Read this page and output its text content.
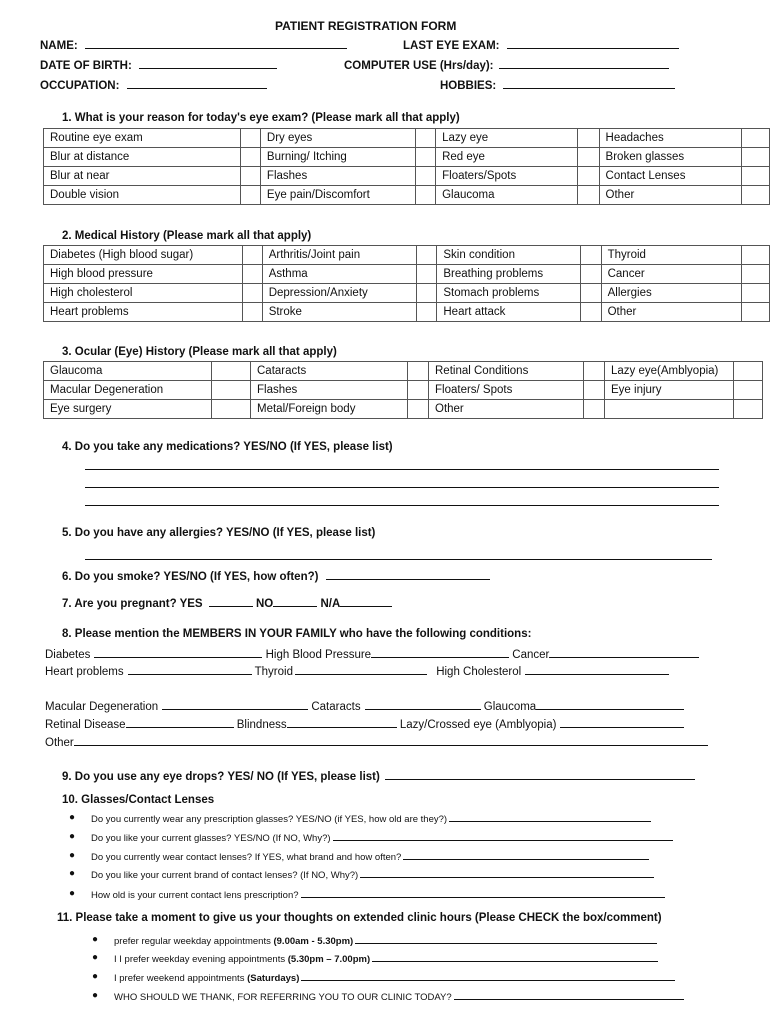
PATIENT REGISTRATION FORM
NAME:	LAST EYE EXAM:
DATE OF BIRTH:	COMPUTER USE (Hrs/day):
OCCUPATION:	HOBBIES:
1. What is your reason for today's eye exam? (Please mark all that apply)
Routine eye exam		Dry eyes		Lazy eye		Headaches	
Blur at distance		Burning/ Itching		Red eye		Broken glasses	
Blur at near		Flashes		Floaters/Spots		Contact Lenses	
Double vision		Eye pain/Discomfort		Glaucoma		Other	
2. Medical History (Please mark all that apply)
Diabetes (High blood sugar)		Arthritis/Joint pain		Skin condition		Thyroid	
High blood pressure		Asthma		Breathing problems		Cancer	
High cholesterol		Depression/Anxiety		Stomach problems		Allergies	
Heart problems		Stroke		Heart attack		Other	
3. Ocular (Eye) History (Please mark all that apply)
Glaucoma		Cataracts		Retinal Conditions		Lazy eye(Amblyopia)	
Macular Degeneration		Flashes		Floaters/ Spots		Eye injury	
Eye surgery		Metal/Foreign body		Other			
4. Do you take any medications? YES/NO (If YES, please list)
5. Do you have any allergies? YES/NO (If YES, please list)
6. Do you smoke? YES/NO (If YES, how often?)
7. Are you pregnant? YES	NO	N/A
8. Please mention the MEMBERS IN YOUR FAMILY who have the following conditions:
Diabetes	High Blood Pressure	Cancer
Heart problems	Thyroid	High Cholesterol
Macular Degeneration	Cataracts	Glaucoma
Retinal Disease	Blindness	Lazy/Crossed eye (Amblyopia)
Other
9. Do you use any eye drops? YES/ NO (If YES, please list)
10. Glasses/Contact Lenses
● Do you currently wear any prescription glasses? YES/NO (if YES, how old are they?)
● Do you like your current glasses? YES/NO (If NO, Why?)
● Do you currently wear contact lenses? If YES, what brand and how often?
● Do you like your current brand of contact lenses? (If NO, Why?)
● How old is your current contact lens prescription?
11. Please take a moment to give us your thoughts on extended clinic hours (Please CHECK the box/comment)
● prefer regular weekday appointments (9.00am - 5.30pm)
● I I prefer weekday evening appointments (5.30pm – 7.00pm)
● I prefer weekend appointments (Saturdays)
● WHO SHOULD WE THANK, FOR REFERRING YOU TO OUR CLINIC TODAY?
